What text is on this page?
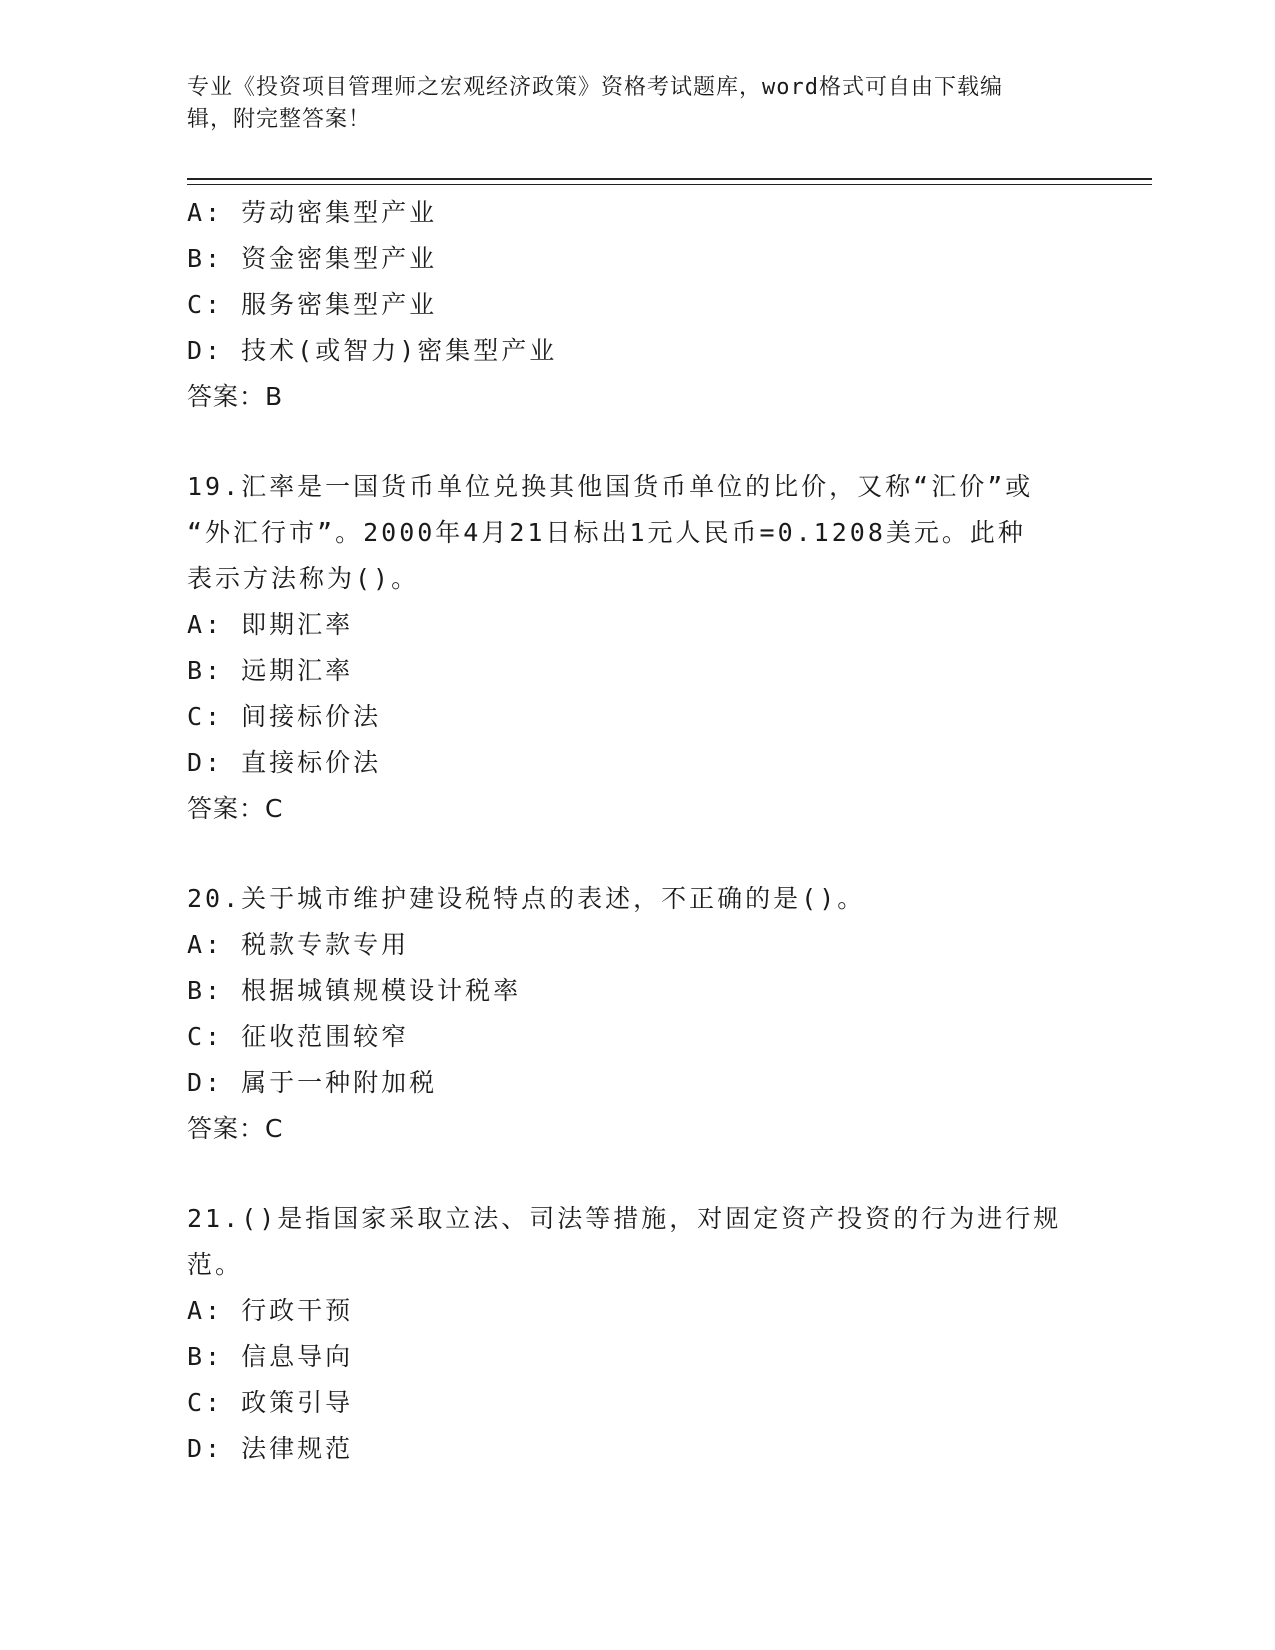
专业《投资项目管理师之宏观经济政策》资格考试题库，word格式可自由下载编
辑，附完整答案！
A: 劳动密集型产业
B: 资金密集型产业
C: 服务密集型产业
D: 技术(或智力)密集型产业
答案：B
19.汇率是一国货币单位兑换其他国货币单位的比价，又称“汇价”或
“外汇行市”。2000年4月21日标出1元人民币=0.1208美元。此种
表示方法称为()。
A: 即期汇率
B: 远期汇率
C: 间接标价法
D: 直接标价法
答案：C
20.关于城市维护建设税特点的表述，不正确的是()。
A: 税款专款专用
B: 根据城镇规模设计税率
C: 征收范围较窄
D: 属于一种附加税
答案：C
21.()是指国家采取立法、司法等措施，对固定资产投资的行为进行规
范。
A: 行政干预
B: 信息导向
C: 政策引导
D: 法律规范
